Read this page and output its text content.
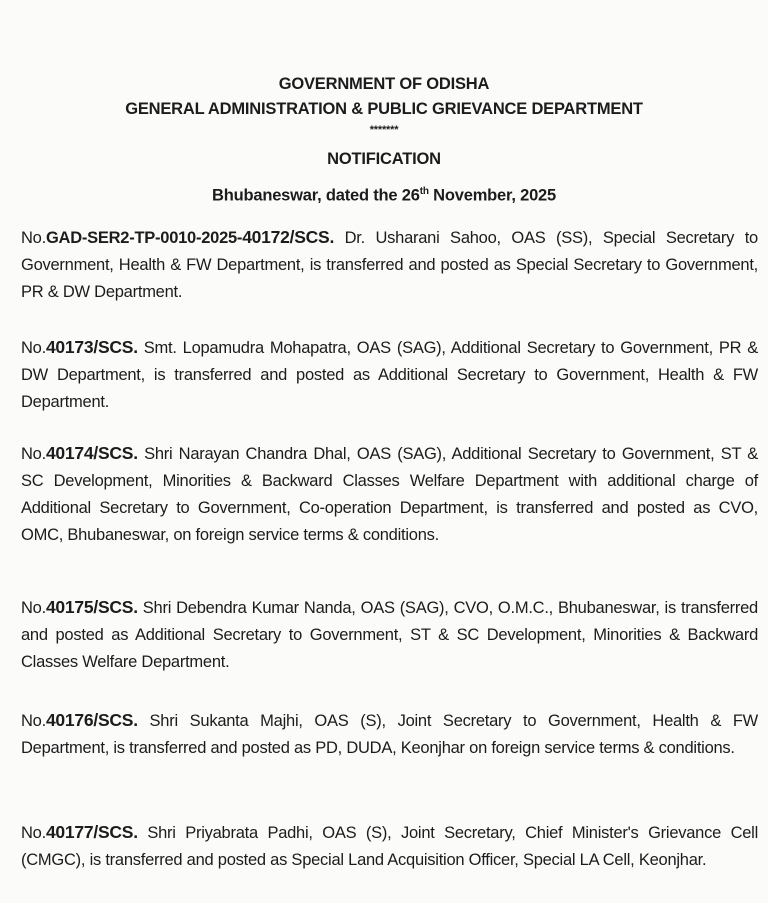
GOVERNMENT OF ODISHA
GENERAL ADMINISTRATION & PUBLIC GRIEVANCE DEPARTMENT
*******
NOTIFICATION
Bhubaneswar, dated the 26th November, 2025
No.GAD-SER2-TP-0010-2025-40172/SCS. Dr. Usharani Sahoo, OAS (SS), Special Secretary to Government, Health & FW Department, is transferred and posted as Special Secretary to Government, PR & DW Department.
No.40173/SCS. Smt. Lopamudra Mohapatra, OAS (SAG), Additional Secretary to Government, PR & DW Department, is transferred and posted as Additional Secretary to Government, Health & FW Department.
No.40174/SCS. Shri Narayan Chandra Dhal, OAS (SAG), Additional Secretary to Government, ST & SC Development, Minorities & Backward Classes Welfare Department with additional charge of Additional Secretary to Government, Co-operation Department, is transferred and posted as CVO, OMC, Bhubaneswar, on foreign service terms & conditions.
No.40175/SCS. Shri Debendra Kumar Nanda, OAS (SAG), CVO, O.M.C., Bhubaneswar, is transferred and posted as Additional Secretary to Government, ST & SC Development, Minorities & Backward Classes Welfare Department.
No.40176/SCS. Shri Sukanta Majhi, OAS (S), Joint Secretary to Government, Health & FW Department, is transferred and posted as PD, DUDA, Keonjhar on foreign service terms & conditions.
No.40177/SCS. Shri Priyabrata Padhi, OAS (S), Joint Secretary, Chief Minister's Grievance Cell (CMGC), is transferred and posted as Special Land Acquisition Officer, Special LA Cell, Keonjhar.
